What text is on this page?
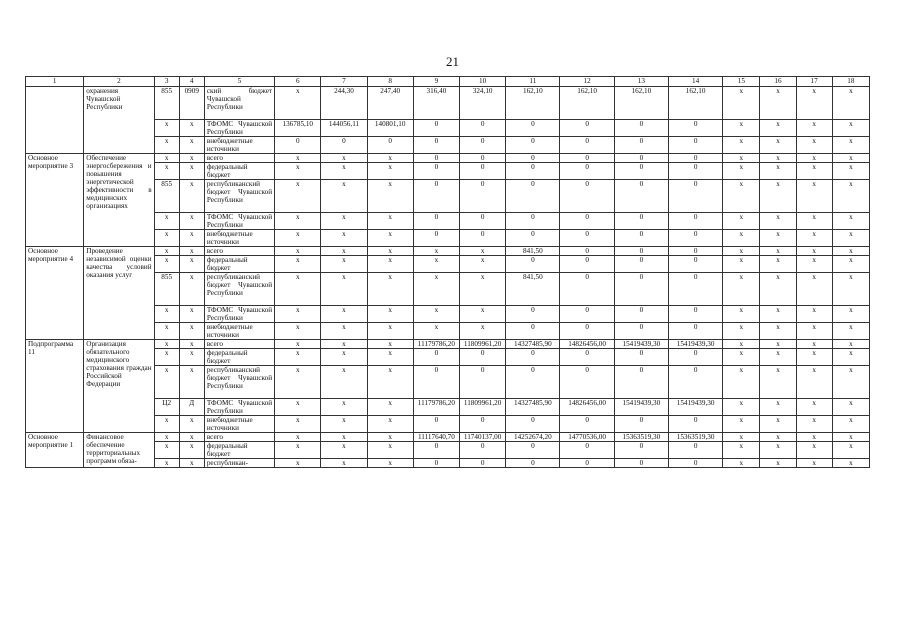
21
1	2	3	4	5	6	7	8	9	10	11	12	13	14	15	16	17	18
	охранения Чувашской Республики	855	0909	ский бюджет Чувашской Республики	x	244,30	247,40	316,40	324,10	162,10	162,10	162,10	162,10	x	x	x	x
		x	x	ТФОМС Чувашской Республики	136785,10	144056,11	140801,10	0	0	0	0	0	0	x	x	x	x
		x	x	внебюджетные источники	0	0	0	0	0	0	0	0	0	x	x	x	x
Основное мероприятие 3	Обеспечение энергосбережения и повышения энергетической эффективности в медицинских организациях	x	x	всего	x	x	x	0	0	0	0	0	0	x	x	x	x
		x	x	федеральный бюджет	x	x	x	0	0	0	0	0	0	x	x	x	x
		855	x	республиканский бюджет Чувашской Республики	x	x	x	0	0	0	0	0	0	x	x	x	x
		x	x	ТФОМС Чувашской Республики	x	x	x	0	0	0	0	0	0	x	x	x	x
		x	x	внебюджетные источники	x	x	x	0	0	0	0	0	0	x	x	x	x
Основное мероприятие 4	Проведение независимой оценки качества условий оказания услуг	x	x	всего	x	x	x	x	x	841,50	0	0	0	x	x	x	x
		x	x	федеральный бюджет	x	x	x	x	x	0	0	0	0	x	x	x	x
		855	x	республиканский бюджет Чувашской Республики	x	x	x	x	x	841,50	0	0	0	x	x	x	x
		x	x	ТФОМС Чувашской Республики	x	x	x	x	x	0	0	0	0	x	x	x	x
		x	x	внебюджетные источники	x	x	x	x	x	0	0	0	0	x	x	x	x
Подпрограмма 11	Организация обязательного медицинского страхования граждан Российской Федерации	x	x	всего	x	x	x	11179786,20	11809961,20	14327485,90	14826456,00	15419439,30	15419439,30	x	x	x	x
		x	x	федеральный бюджет	x	x	x	0	0	0	0	0	0	x	x	x	x
		x	x	республиканский бюджет Чувашской Республики	x	x	x	0	0	0	0	0	0	x	x	x	x
		Ц2	Д	ТФОМС Чувашской Республики	x	x	x	11179786,20	11809961,20	14327485,90	14826456,00	15419439,30	15419439,30	x	x	x	x
		x	x	внебюджетные источники	x	x	x	0	0	0	0	0	0	x	x	x	x
Основное мероприятие 1	Финансовое обеспечение территориальных программ обяза-	x	x	всего	x	x	x	11117640,70	11740137,00	14252674,20	14770536,00	15363519,30	15363519,30	x	x	x	x
		x	x	федеральный бюджет	x	x	x	0	0	0	0	0	0	x	x	x	x
		x	x	республикан-	x	x	x	0	0	0	0	0	0	x	x	x	x
